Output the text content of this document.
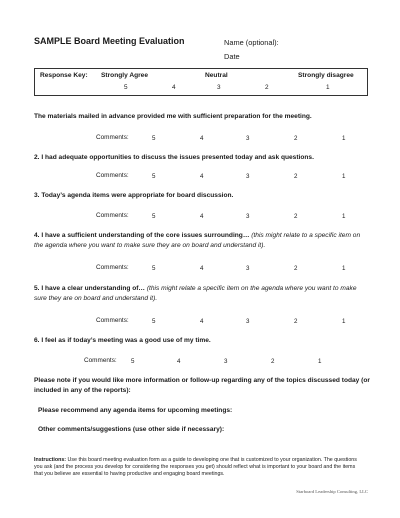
SAMPLE Board Meeting Evaluation	Name (optional):
Date
Response Key: Strongly Agree	Neutral	Strongly disagree
5	4	3	2	1
The materials mailed in advance provided me with sufficient preparation for the meeting.
Comments:	5	4	3	2	1
2. I had adequate opportunities to discuss the issues presented today and ask questions.
Comments:	5	4	3	2	1
3. Today’s agenda items were appropriate for board discussion.
Comments:	5	4	3	2	1
4. I have a sufficient understanding of the core issues surrounding… (this might relate to a specific item on the agenda where you want to make sure they are on board and understand it).
Comments:	5	4	3	2	1
5. I have a clear understanding of… (this might relate a specific item on the agenda where you want to make sure they are on board and understand it).
Comments:	5	4	3	2	1
6. I feel as if today’s meeting was a good use of my time.
Comments: 5	4	3	2	1
Please note if you would like more information or follow-up regarding any of the topics discussed today (or included in any of the reports):
Please recommend any agenda items for upcoming meetings:
Other comments/suggestions (use other side if necessary):
Instructions: Use this board meeting evaluation form as a guide to developing one that is customized to your organization. The questions you ask (and the process you develop for considering the responses you get) should reflect what is important to your board and the items that you believe are essential to having productive and engaging board meetings.
Starboard Leadership Consulting, LLC
